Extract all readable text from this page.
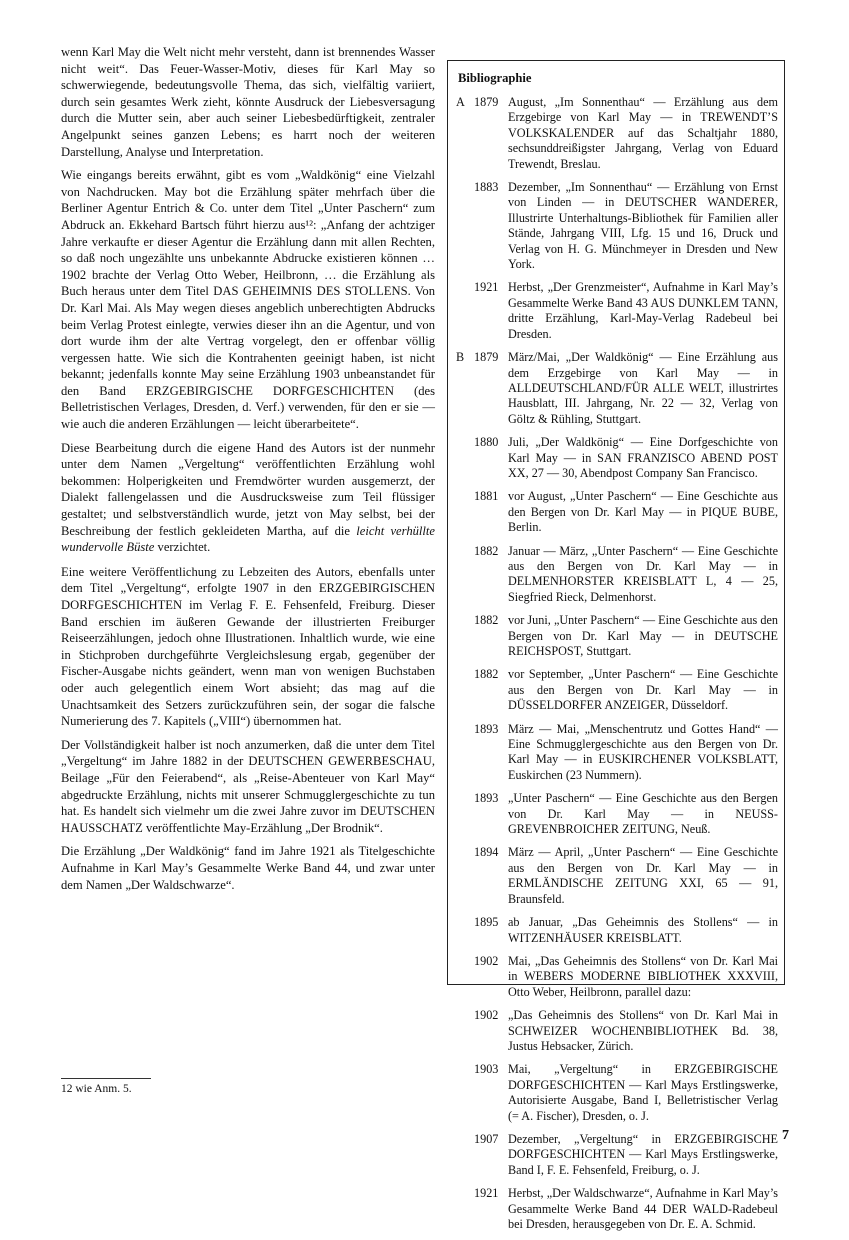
wenn Karl May die Welt nicht mehr versteht, dann ist brennendes Wasser nicht weit“. Das Feuer-Wasser-Motiv, dieses für Karl May so schwerwiegende, bedeutungsvolle Thema, das sich, vielfältig variiert, durch sein gesamtes Werk zieht, könnte Ausdruck der Liebesversagung durch die Mutter sein, aber auch seiner Liebesbedürftigkeit, zentraler Angelpunkt seines ganzen Lebens; es harrt noch der weiteren Darstellung, Analyse und Interpretation.

Wie eingangs bereits erwähnt, gibt es vom „Waldkönig“ eine Vielzahl von Nachdrucken. May bot die Erzählung später mehrfach über die Berliner Agentur Entrich & Co. unter dem Titel „Unter Paschern“ zum Abdruck an. Ekkehard Bartsch führt hierzu aus¹²: „Anfang der achtziger Jahre verkaufte er dieser Agentur die Erzählung dann mit allen Rechten, so daß noch ungezählte uns unbekannte Abdrucke existieren können … 1902 brachte der Verlag Otto Weber, Heilbronn, … die Erzählung als Buch heraus unter dem Titel DAS GEHEIMNIS DES STOLLENS. Von Dr. Karl Mai. Als May wegen dieses angeblich unberechtigten Abdrucks beim Verlag Protest einlegte, verwies dieser ihn an die Agentur, und von dort wurde ihm der alte Vertrag vorgelegt, den er offenbar völlig vergessen hatte. Wie sich die Kontrahenten geeinigt haben, ist nicht bekannt; jedenfalls konnte May seine Erzählung 1903 unbeanstandet für den Band ERZGEBIRGISCHE DORFGESCHICHTEN (des Belletristischen Verlages, Dresden, d. Verf.) verwenden, für den er sie — wie auch die anderen Erzählungen — leicht überarbeitete“.

Diese Bearbeitung durch die eigene Hand des Autors ist der nunmehr unter dem Namen „Vergeltung“ veröffentlichten Erzählung wohl bekommen: Holperigkeiten und Fremdwörter wurden ausgemerzt, der Dialekt fallengelassen und die Ausdrucksweise zum Teil flüssiger gestaltet; und selbstverständlich wurde, jetzt von May selbst, bei der Beschreibung der festlich gekleideten Martha, auf die leicht verhüllte wundervolle Büste verzichtet.

Eine weitere Veröffentlichung zu Lebzeiten des Autors, ebenfalls unter dem Titel „Vergeltung“, erfolgte 1907 in den ERZGEBIRGISCHEN DORFGESCHICHTEN im Verlag F. E. Fehsenfeld, Freiburg. Dieser Band erschien im äußeren Gewande der illustrierten Freiburger Reiseerzählungen, jedoch ohne Illustrationen. Inhaltlich wurde, wie eine in Stichproben durchgeführte Vergleichslesung ergab, gegenüber der Fischer-Ausgabe nichts geändert, wenn man von wenigen Buchstaben oder auch gelegentlich einem Wort absieht; das mag auf die Unachtsamkeit des Setzers zurückzuführen sein, der sogar die falsche Numerierung des 7. Kapitels („VIII“) übernommen hat.

Der Vollständigkeit halber ist noch anzumerken, daß die unter dem Titel „Vergeltung“ im Jahre 1882 in der DEUTSCHEN GEWERBESCHAU, Beilage „Für den Feierabend“, als „Reise-Abenteuer von Karl May“ abgedruckte Erzählung, nichts mit unserer Schmugglergeschichte zu tun hat. Es handelt sich vielmehr um die zwei Jahre zuvor im DEUTSCHEN HAUSSCHATZ veröffentlichte May-Erzählung „Der Brodnik“.

Die Erzählung „Der Waldkönig“ fand im Jahre 1921 als Titelgeschichte Aufnahme in Karl May’s Gesammelte Werke Band 44, und zwar unter dem Namen „Der Waldschwarze“.

Bibliographie
A 1879 August, „Im Sonnenthau“ — Erzählung aus dem Erzgebirge von Karl May — in TREWENDT’S VOLKSKALENDER auf das Schaltjahr 1880, sechsunddreißigster Jahrgang, Verlag von Eduard Trewendt, Breslau.
1883 Dezember, „Im Sonnenthau“ — Erzählung von Ernst von Linden — in DEUTSCHER WANDERER, Illustrirte Unterhaltungs-Bibliothek für Familien aller Stände, Jahrgang VIII, Lfg. 15 und 16, Druck und Verlag von H. G. Münchmeyer in Dresden und New York.
1921 Herbst, „Der Grenzmeister“, Aufnahme in Karl May’s Gesammelte Werke Band 43 AUS DUNKLEM TANN, dritte Erzählung, Karl-May-Verlag Radebeul bei Dresden.
B 1879 März/Mai, „Der Waldkönig“ — Eine Erzählung aus dem Erzgebirge von Karl May — in ALLDEUTSCHLAND/FÜR ALLE WELT, illustrirtes Hausblatt, III. Jahrgang, Nr. 22 — 32, Verlag von Göltz & Rühling, Stuttgart.
1880 Juli, „Der Waldkönig“ — Eine Dorfgeschichte von Karl May — in SAN FRANZISCO ABEND POST XX, 27 — 30, Abendpost Company San Francisco.
1881 vor August, „Unter Paschern“ — Eine Geschichte aus den Bergen von Dr. Karl May — in PIQUE BUBE, Berlin.
1882 Januar — März, „Unter Paschern“ — Eine Geschichte aus den Bergen von Dr. Karl May — in DELMENHORSTER KREISBLATT L, 4 — 25, Siegfried Rieck, Delmenhorst.
1882 vor Juni, „Unter Paschern“ — Eine Geschichte aus den Bergen von Dr. Karl May — in DEUTSCHE REICHSPOST, Stuttgart.
1882 vor September, „Unter Paschern“ — Eine Geschichte aus den Bergen von Dr. Karl May — in DÜSSELDORFER ANZEIGER, Düsseldorf.
1893 März — Mai, „Menschentrutz und Gottes Hand“ — Eine Schmugglergeschichte aus den Bergen von Dr. Karl May — in EUSKIRCHENER VOLKSBLATT, Euskirchen (23 Nummern).
1893 „Unter Paschern“ — Eine Geschichte aus den Bergen von Dr. Karl May — in NEUSS-GREVENBROICHER ZEITUNG, Neuß.
1894 März — April, „Unter Paschern“ — Eine Geschichte aus den Bergen von Dr. Karl May — in ERMLÄNDISCHE ZEITUNG XXI, 65 — 91, Braunsfeld.
1895 ab Januar, „Das Geheimnis des Stollens“ — in WITZENHÄUSER KREISBLATT.
1902 Mai, „Das Geheimnis des Stollens“ von Dr. Karl Mai in WEBERS MODERNE BIBLIOTHEK XXXVIII, Otto Weber, Heilbronn, parallel dazu:
1902 „Das Geheimnis des Stollens“ von Dr. Karl Mai in SCHWEIZER WOCHENBIBLIOTHEK Bd. 38, Justus Hebsacker, Zürich.
1903 Mai, „Vergeltung“ in ERZGEBIRGISCHE DORFGESCHICHTEN — Karl Mays Erstlingswerke, Autorisierte Ausgabe, Band I, Belletristischer Verlag (= A. Fischer), Dresden, o. J.
1907 Dezember, „Vergeltung“ in ERZGEBIRGISCHE DORFGESCHICHTEN — Karl Mays Erstlingswerke, Band I, F. E. Fehsenfeld, Freiburg, o. J.
1921 Herbst, „Der Waldschwarze“, Aufnahme in Karl May’s Gesammelte Werke Band 44 DER WALD-Radebeul bei Dresden, herausgegeben von Dr. E. A. Schmid.
12 wie Anm. 5.
7
